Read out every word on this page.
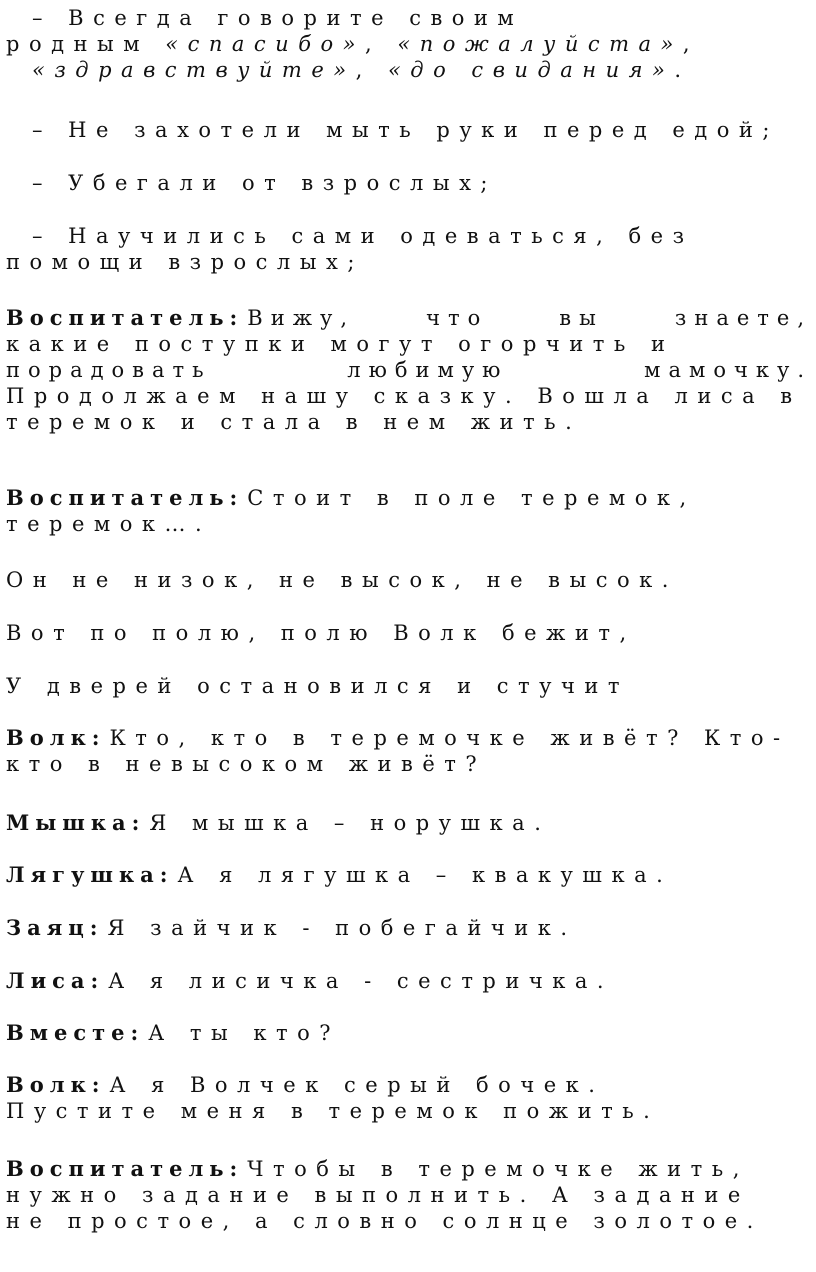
– Всегда говорите своим
родным «спасибо», «пожалуйста»,
«здравствуйте», «до свидания».
– Не захотели мыть руки перед едой;
– Убегали от взрослых;
– Научились сами одеваться, без
помощи взрослых;
Воспитатель: Вижу, что вы знаете,
какие поступки могут огорчить и
порадовать любимую мамочку.
Продолжаем нашу сказку. Вошла лиса в
теремок и стала в нем жить.
Воспитатель: Стоит в поле теремок,
теремок….
Он не низок, не высок, не высок.
Вот по полю, полю Волк бежит,
У дверей остановился и стучит
Волк: Кто, кто в теремочке живёт? Кто-
кто в невысоком живёт?
Мышка: Я мышка – норушка.
Лягушка: А я лягушка – квакушка.
Заяц: Я зайчик - побегайчик.
Лиса: А я лисичка - сестричка.
Вместе: А ты кто?
Волк: А я Волчек серый бочек.
Пустите меня в теремок пожить.
Воспитатель: Чтобы в теремочке жить,
нужно задание выполнить. А задание
не простое, а словно солнце золотое.
